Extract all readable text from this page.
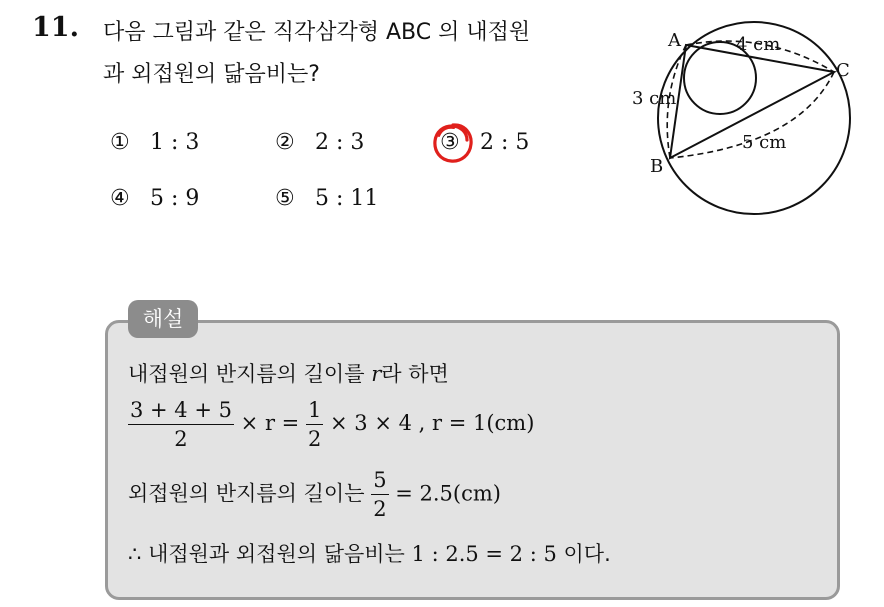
11. 다음 그림과 같은 직각삼각형 ABC 의 내접원
과 외접원의 닮음비는?
① 1 : 3	② 2 : 3	③ 2 : 5
④ 5 : 9	⑤ 5 : 11
A
C
B
3 cm
4 cm
5 cm
해설
내접원의 반지름의 길이를 r라 하면
$\frac{3 + 4 + 5}{2} \times r = \frac{1}{2} \times 3 \times 4$ , r = 1(cm)
외접원의 반지름의 길이는 $\frac{5}{2} = 2.5(cm)$
∴ 내접원과 외접원의 닮음비는 1 : 2.5 = 2 : 5 이다.
